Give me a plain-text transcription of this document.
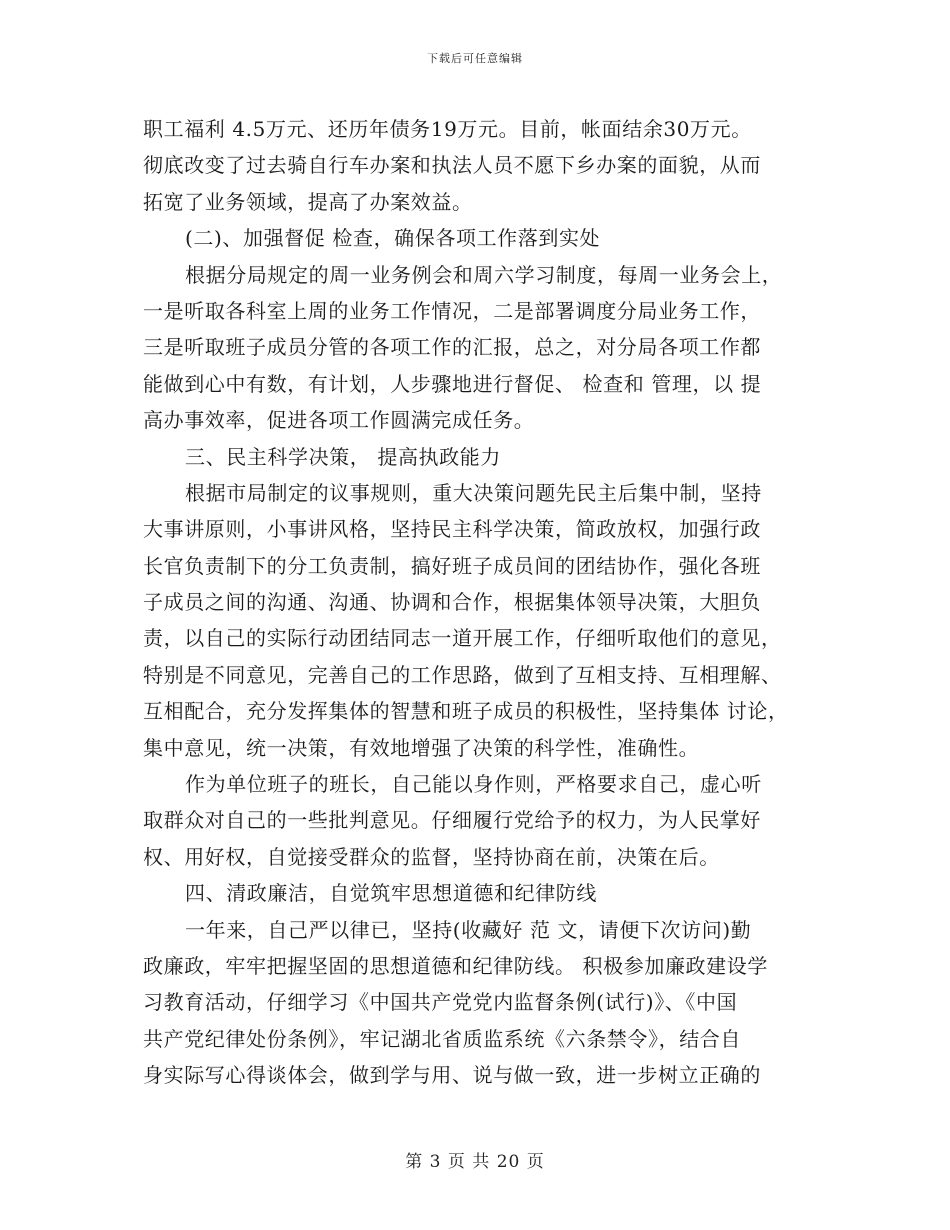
下载后可任意编辑
职工福利 4.5万元、还历年债务19万元。目前，帐面结余30万元。
彻底改变了过去骑自行车办案和执法人员不愿下乡办案的面貌，从而
拓宽了业务领域，提高了办案效益。
(二)、加强督促 检查，确保各项工作落到实处
根据分局规定的周一业务例会和周六学习制度，每周一业务会上，
一是听取各科室上周的业务工作情况，二是部署调度分局业务工作，
三是听取班子成员分管的各项工作的汇报，总之，对分局各项工作都
能做到心中有数，有计划，人步骤地进行督促、 检查和 管理，以 提
高办事效率，促进各项工作圆满完成任务。
三、民主科学决策， 提高执政能力
根据市局制定的议事规则，重大决策问题先民主后集中制，坚持
大事讲原则，小事讲风格，坚持民主科学决策，简政放权，加强行政
长官负责制下的分工负责制，搞好班子成员间的团结协作，强化各班
子成员之间的沟通、沟通、协调和合作，根据集体领导决策，大胆负
责，以自己的实际行动团结同志一道开展工作，仔细听取他们的意见，
特别是不同意见，完善自己的工作思路，做到了互相支持、互相理解、
互相配合，充分发挥集体的智慧和班子成员的积极性，坚持集体 讨论，
集中意见，统一决策，有效地增强了决策的科学性，准确性。
作为单位班子的班长，自己能以身作则，严格要求自己，虚心听
取群众对自己的一些批判意见。仔细履行党给予的权力，为人民掌好
权、用好权，自觉接受群众的监督，坚持协商在前，决策在后。
四、清政廉洁，自觉筑牢思想道德和纪律防线
一年来，自己严以律已，坚持(收藏好 范 文，请便下次访问)勤
政廉政，牢牢把握坚固的思想道德和纪律防线。 积极参加廉政建设学
习教育活动，仔细学习《中国共产党党内监督条例(试行)》、《中国
共产党纪律处份条例》，牢记湖北省质监系统《六条禁令》，结合自
身实际写心得谈体会，做到学与用、说与做一致，进一步树立正确的
第 3 页 共 20 页
